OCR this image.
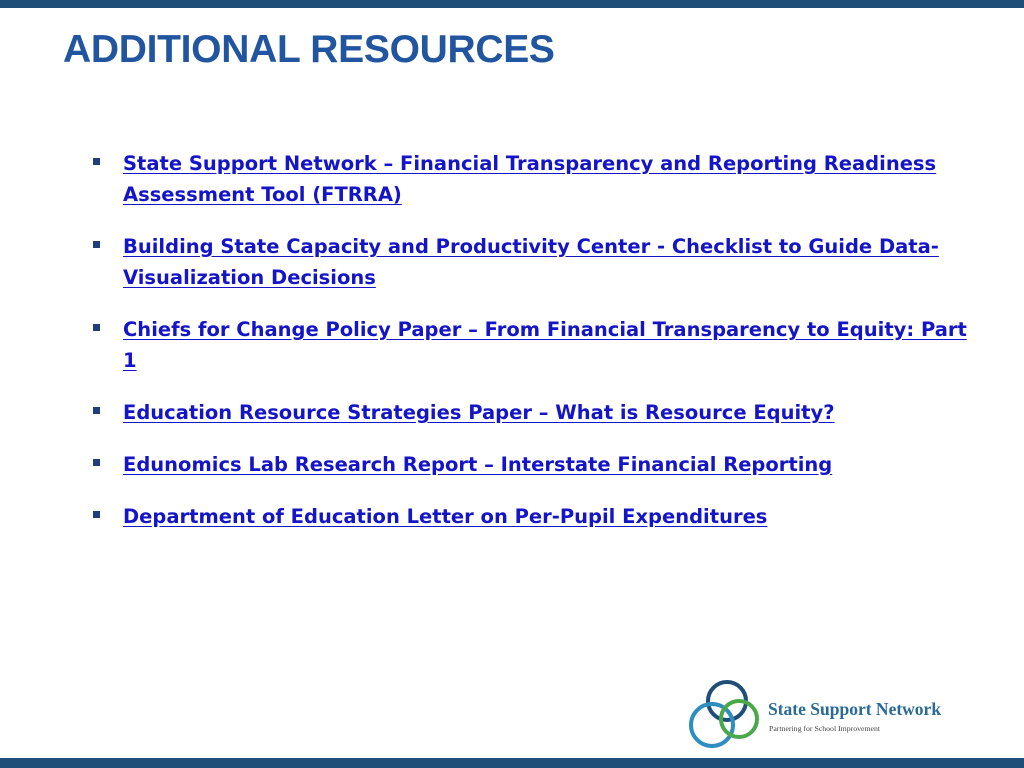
ADDITIONAL RESOURCES
State Support Network – Financial Transparency and Reporting Readiness Assessment Tool (FTRRA)
Building State Capacity and Productivity Center - Checklist to Guide Data-Visualization Decisions
Chiefs for Change Policy Paper – From Financial Transparency to Equity: Part 1
Education Resource Strategies Paper – What is Resource Equity?
Edunomics Lab Research Report – Interstate Financial Reporting
Department of Education Letter on Per-Pupil Expenditures
State Support Network
Partnering for School Improvement
